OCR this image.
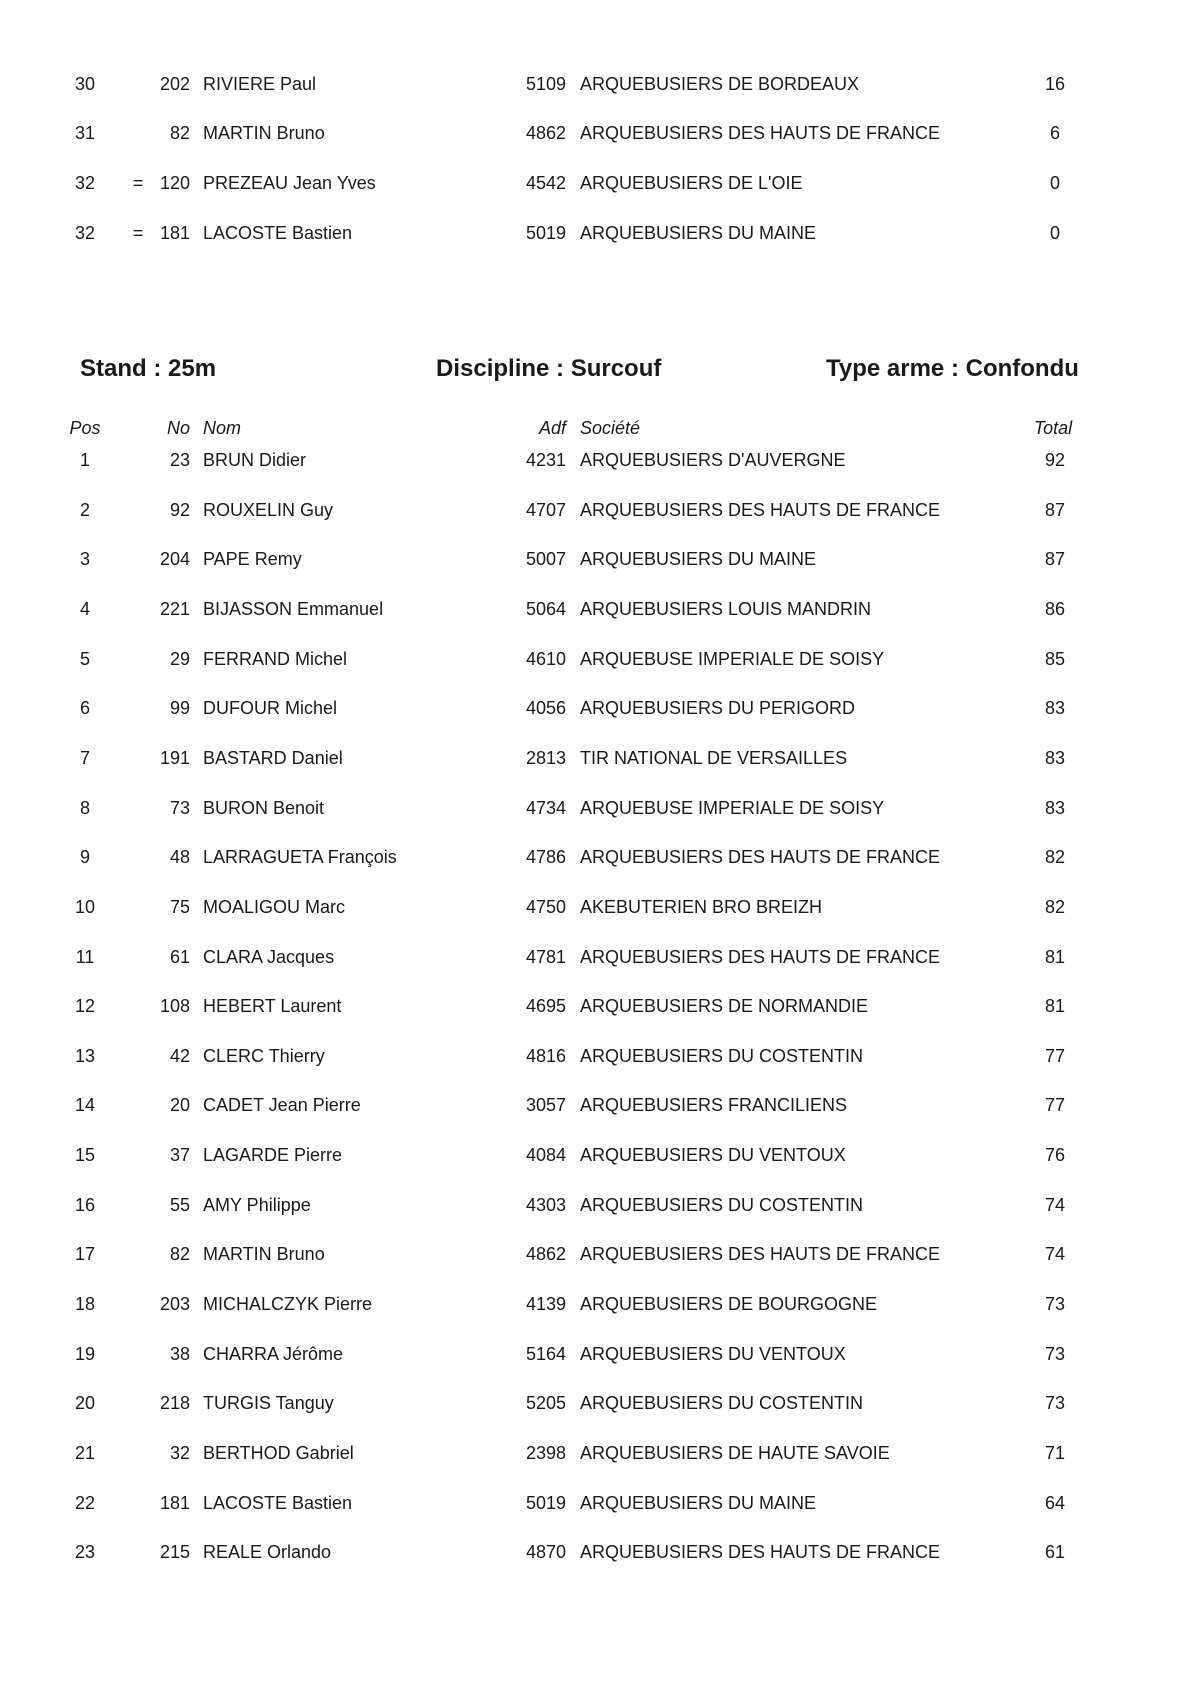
30	202 RIVIERE Paul	5109 ARQUEBUSIERS DE BORDEAUX	16
31	82 MARTIN Bruno	4862 ARQUEBUSIERS DES HAUTS DE FRANCE	6
32	= 120 PREZEAU Jean Yves	4542 ARQUEBUSIERS DE L'OIE	0
32	= 181 LACOSTE Bastien	5019 ARQUEBUSIERS DU MAINE	0
Stand : 25m	Discipline : Surcouf	Type arme : Confondu
Pos	No Nom	Adf Société	Total
1	23 BRUN Didier	4231 ARQUEBUSIERS D'AUVERGNE	92
2	92 ROUXELIN Guy	4707 ARQUEBUSIERS DES HAUTS DE FRANCE	87
3	204 PAPE Remy	5007 ARQUEBUSIERS DU MAINE	87
4	221 BIJASSON Emmanuel	5064 ARQUEBUSIERS LOUIS MANDRIN	86
5	29 FERRAND Michel	4610 ARQUEBUSE IMPERIALE DE SOISY	85
6	99 DUFOUR Michel	4056 ARQUEBUSIERS DU PERIGORD	83
7	191 BASTARD Daniel	2813 TIR NATIONAL DE VERSAILLES	83
8	73 BURON Benoit	4734 ARQUEBUSE IMPERIALE DE SOISY	83
9	48 LARRAGUETA François	4786 ARQUEBUSIERS DES HAUTS DE FRANCE	82
10	75 MOALIGOU Marc	4750 AKEBUTERIEN BRO BREIZH	82
11	61 CLARA Jacques	4781 ARQUEBUSIERS DES HAUTS DE FRANCE	81
12	108 HEBERT Laurent	4695 ARQUEBUSIERS DE NORMANDIE	81
13	42 CLERC Thierry	4816 ARQUEBUSIERS DU COSTENTIN	77
14	20 CADET Jean Pierre	3057 ARQUEBUSIERS FRANCILIENS	77
15	37 LAGARDE Pierre	4084 ARQUEBUSIERS DU VENTOUX	76
16	55 AMY Philippe	4303 ARQUEBUSIERS DU COSTENTIN	74
17	82 MARTIN Bruno	4862 ARQUEBUSIERS DES HAUTS DE FRANCE	74
18	203 MICHALCZYK Pierre	4139 ARQUEBUSIERS DE BOURGOGNE	73
19	38 CHARRA Jérôme	5164 ARQUEBUSIERS DU VENTOUX	73
20	218 TURGIS Tanguy	5205 ARQUEBUSIERS DU COSTENTIN	73
21	32 BERTHOD Gabriel	2398 ARQUEBUSIERS DE HAUTE SAVOIE	71
22	181 LACOSTE Bastien	5019 ARQUEBUSIERS DU MAINE	64
23	215 REALE Orlando	4870 ARQUEBUSIERS DES HAUTS DE FRANCE	61
